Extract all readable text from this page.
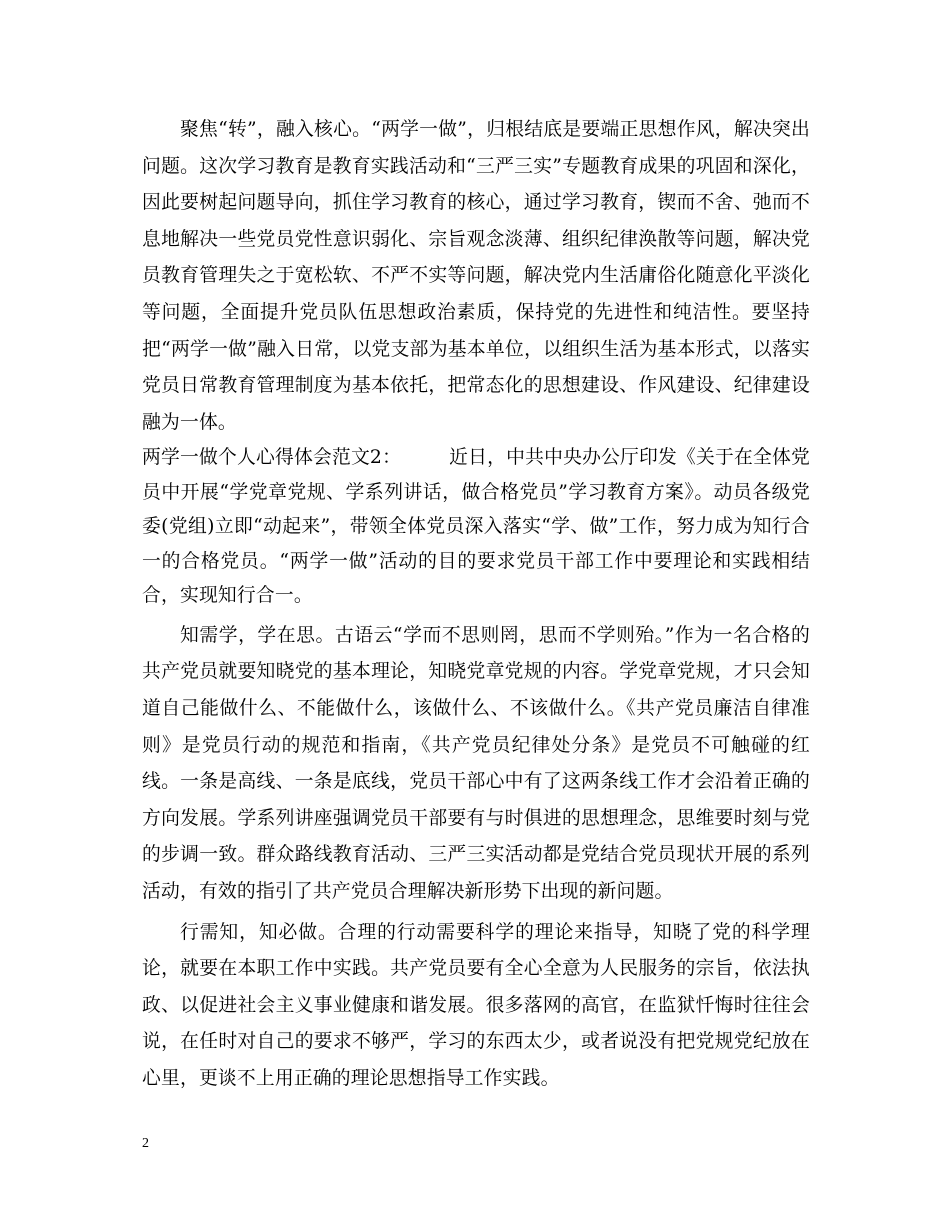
聚焦“转”，融入核心。“两学一做”，归根结底是要端正思想作风，解决突出问题。这次学习教育是教育实践活动和“三严三实”专题教育成果的巩固和深化，因此要树起问题导向，抓住学习教育的核心，通过学习教育，锲而不舍、弛而不息地解决一些党员党性意识弱化、宗旨观念淡薄、组织纪律涣散等问题，解决党员教育管理失之于宽松软、不严不实等问题，解决党内生活庸俗化随意化平淡化等问题，全面提升党员队伍思想政治素质，保持党的先进性和纯洁性。要坚持把“两学一做”融入日常，以党支部为基本单位，以组织生活为基本形式，以落实党员日常教育管理制度为基本依托，把常态化的思想建设、作风建设、纪律建设融为一体。

两学一做个人心得体会范文2：	近日，中共中央办公厅印发《关于在全体党员中开展“学党章党规、学系列讲话，做合格党员”学习教育方案》。动员各级党委(党组)立即“动起来”，带领全体党员深入落实“学、做”工作，努力成为知行合一的合格党员。“两学一做”活动的目的要求党员干部工作中要理论和实践相结合，实现知行合一。

知需学，学在思。古语云“学而不思则罔，思而不学则殆。”作为一名合格的共产党员就要知晓党的基本理论，知晓党章党规的内容。学党章党规，才只会知道自己能做什么、不能做什么，该做什么、不该做什么。《共产党员廉洁自律准则》是党员行动的规范和指南，《共产党员纪律处分条》是党员不可触碰的红线。一条是高线、一条是底线，党员干部心中有了这两条线工作才会沿着正确的方向发展。学系列讲座强调党员干部要有与时俱进的思想理念，思维要时刻与党的步调一致。群众路线教育活动、三严三实活动都是党结合党员现状开展的系列活动，有效的指引了共产党员合理解决新形势下出现的新问题。

行需知，知必做。合理的行动需要科学的理论来指导，知晓了党的科学理论，就要在本职工作中实践。共产党员要有全心全意为人民服务的宗旨，依法执政、以促进社会主义事业健康和谐发展。很多落网的高官，在监狱忏悔时往往会说，在任时对自己的要求不够严，学习的东西太少，或者说没有把党规党纪放在心里，更谈不上用正确的理论思想指导工作实践。

2
